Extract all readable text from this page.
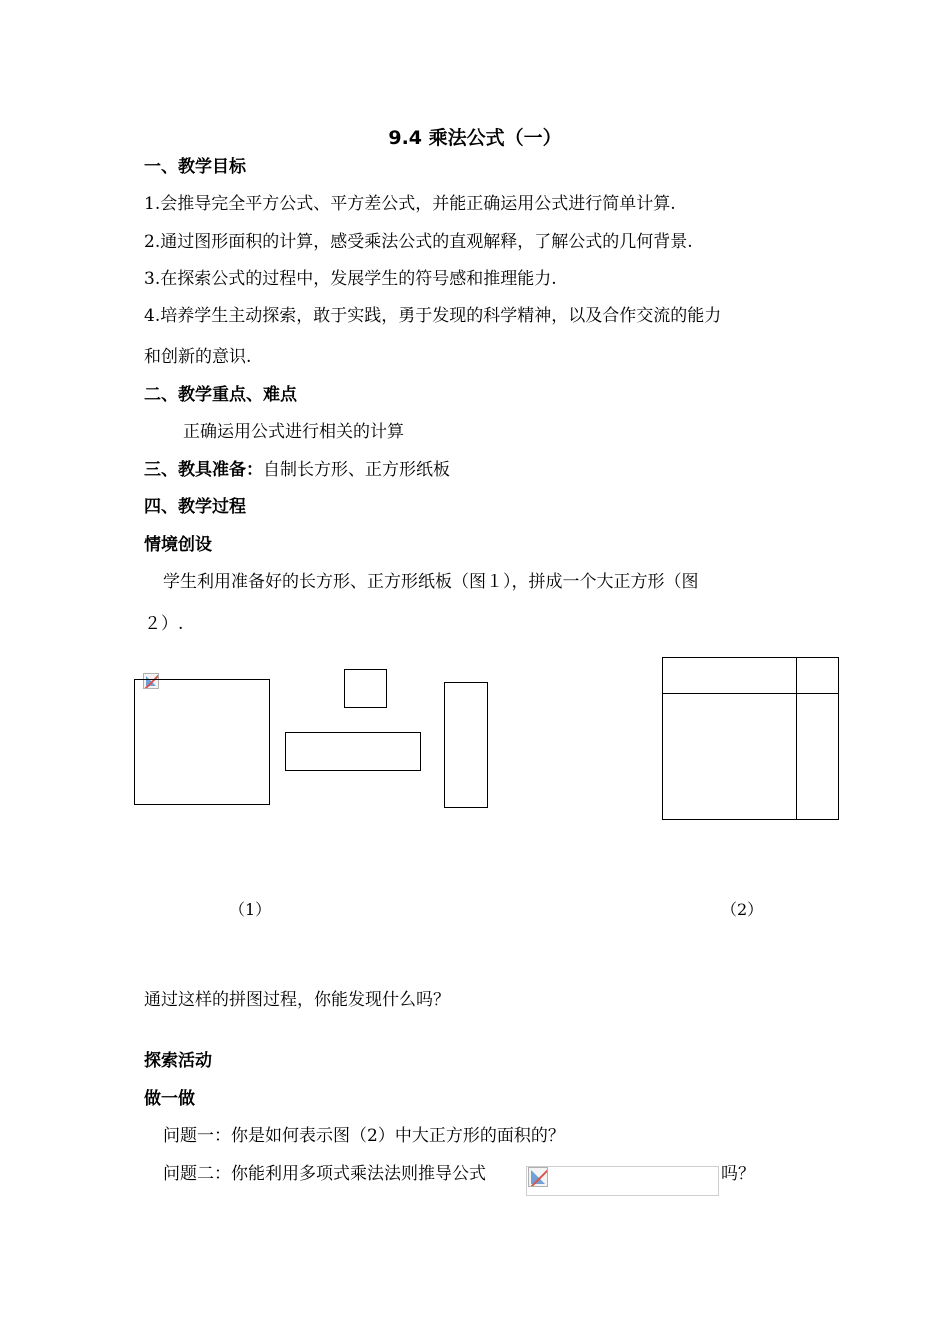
9.4 乘法公式（一）
一、教学目标
1.会推导完全平方公式、平方差公式，并能正确运用公式进行简单计算.
2.通过图形面积的计算，感受乘法公式的直观解释，了解公式的几何背景.
3.在探索公式的过程中，发展学生的符号感和推理能力.
4.培养学生主动探索，敢于实践，勇于发现的科学精神，以及合作交流的能力
和创新的意识.
二、教学重点、难点
正确运用公式进行相关的计算
三、教具准备：自制长方形、正方形纸板
四、教学过程
情境创设
学生利用准备好的长方形、正方形纸板（图１），拼成一个大正方形（图
２）.
（1）	（2）
通过这样的拼图过程，你能发现什么吗？
探索活动
做一做
问题一：你是如何表示图（2）中大正方形的面积的？
问题二：你能利用多项式乘法法则推导公式	吗？
